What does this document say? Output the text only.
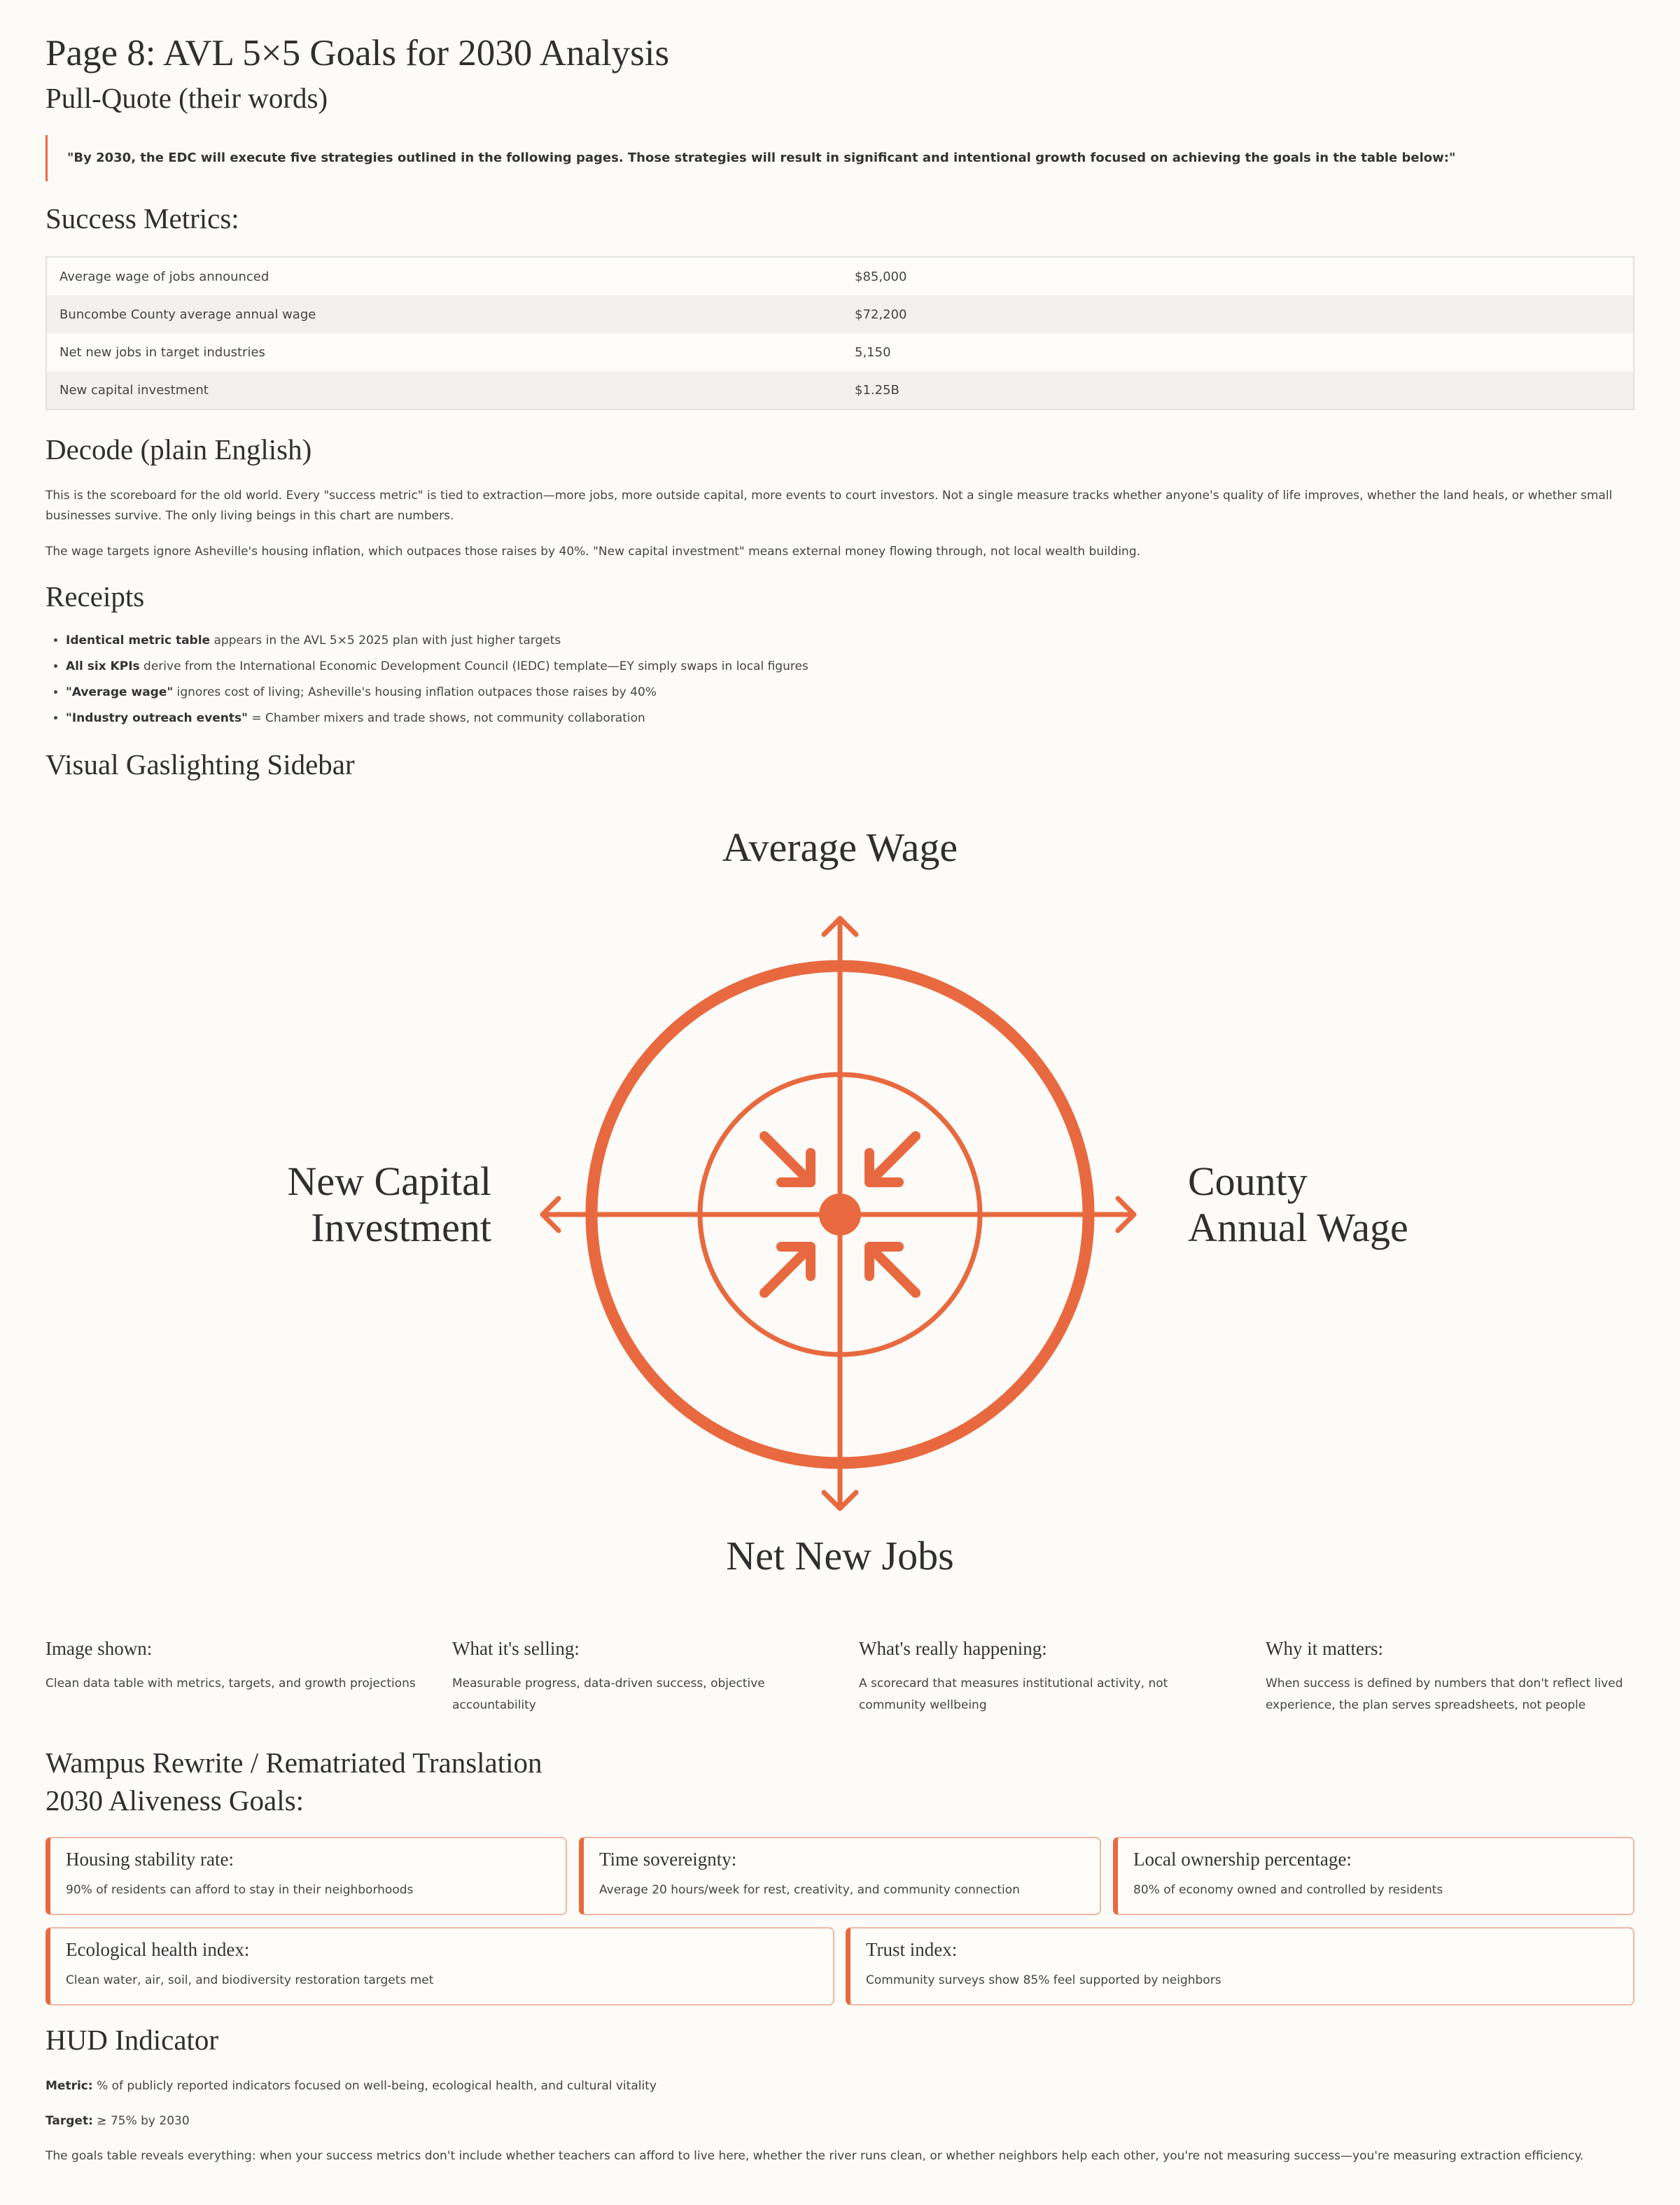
Page 8: AVL 5×5 Goals for 2030 Analysis
Pull-Quote (their words)
"By 2030, the EDC will execute five strategies outlined in the following pages. Those strategies will result in significant and intentional growth focused on achieving the goals in the table below:"
Success Metrics:
Average wage of jobs announced	$85,000
Buncombe County average annual wage	$72,200
Net new jobs in target industries	5,150
New capital investment	$1.25B
Decode (plain English)

This is the scoreboard for the old world. Every "success metric" is tied to extraction—more jobs, more outside capital, more events to court investors. Not a single measure tracks whether anyone's quality of life improves, whether the land heals, or whether small businesses survive. The only living beings in this chart are numbers.

The wage targets ignore Asheville's housing inflation, which outpaces those raises by 40%. "New capital investment" means external money flowing through, not local wealth building.

Receipts
• Identical metric table appears in the AVL 5×5 2025 plan with just higher targets
• All six KPIs derive from the International Economic Development Council (IEDC) template—EY simply swaps in local figures
• "Average wage" ignores cost of living; Asheville's housing inflation outpaces those raises by 40%
• "Industry outreach events" = Chamber mixers and trade shows, not community collaboration
Visual Gaslighting Sidebar
Average Wage
Net New Jobs
New Capital
Investment
County
Annual Wage
Image shown:
Clean data table with metrics, targets, and growth projections
What it's selling:
Measurable progress, data-driven success, objective accountability
What's really happening:
A scorecard that measures institutional activity, not community wellbeing
Why it matters:
When success is defined by numbers that don't reflect lived experience, the plan serves spreadsheets, not people
Wampus Rewrite / Rematriated Translation
2030 Aliveness Goals:
Housing stability rate:
90% of residents can afford to stay in their neighborhoods
Time sovereignty:
Average 20 hours/week for rest, creativity, and community connection
Local ownership percentage:
80% of economy owned and controlled by residents
Ecological health index:
Clean water, air, soil, and biodiversity restoration targets met
Trust index:
Community surveys show 85% feel supported by neighbors
HUD Indicator

Metric: % of publicly reported indicators focused on well-being, ecological health, and cultural vitality

Target: ≥ 75% by 2030

The goals table reveals everything: when your success metrics don't include whether teachers can afford to live here, whether the river runs clean, or whether neighbors help each other, you're not measuring success—you're measuring extraction efficiency.
